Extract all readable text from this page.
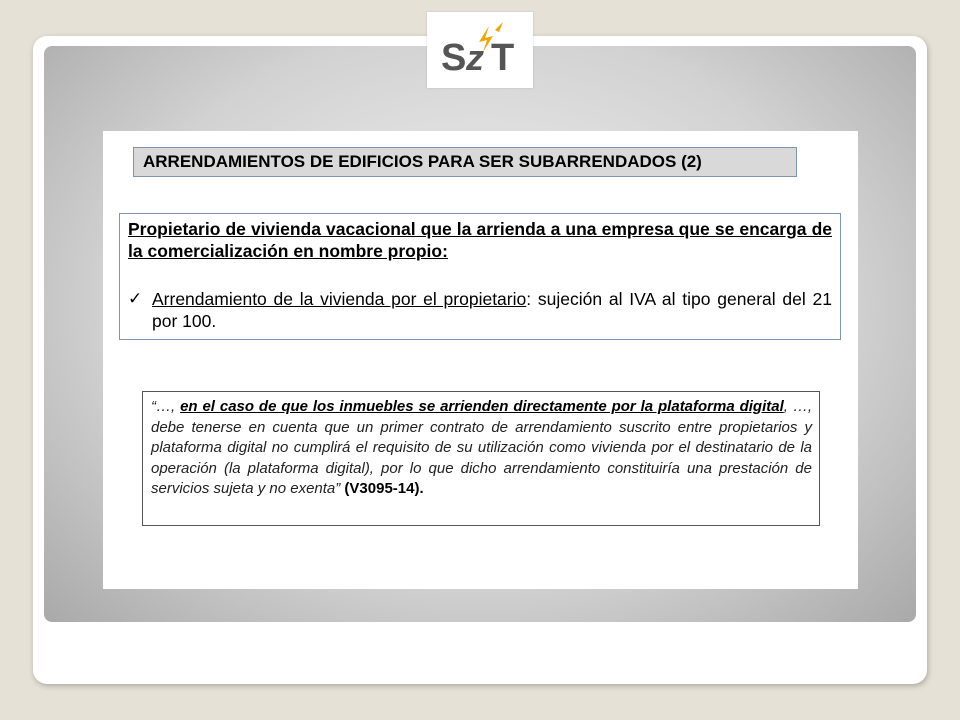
S z T
ARRENDAMIENTOS DE EDIFICIOS PARA SER SUBARRENDADOS (2)
Propietario de vivienda vacacional que la arrienda a una empresa que se encarga de la comercialización en nombre propio:
✓ Arrendamiento de la vivienda por el propietario: sujeción al IVA al tipo general del 21 por 100.
“…, en el caso de que los inmuebles se arrienden directamente por la plataforma digital, …, debe tenerse en cuenta que un primer contrato de arrendamiento suscrito entre propietarios y plataforma digital no cumplirá el requisito de su utilización como vivienda por el destinatario de la operación (la plataforma digital), por lo que dicho arrendamiento constituiría una prestación de servicios sujeta y no exenta” (V3095-14).
